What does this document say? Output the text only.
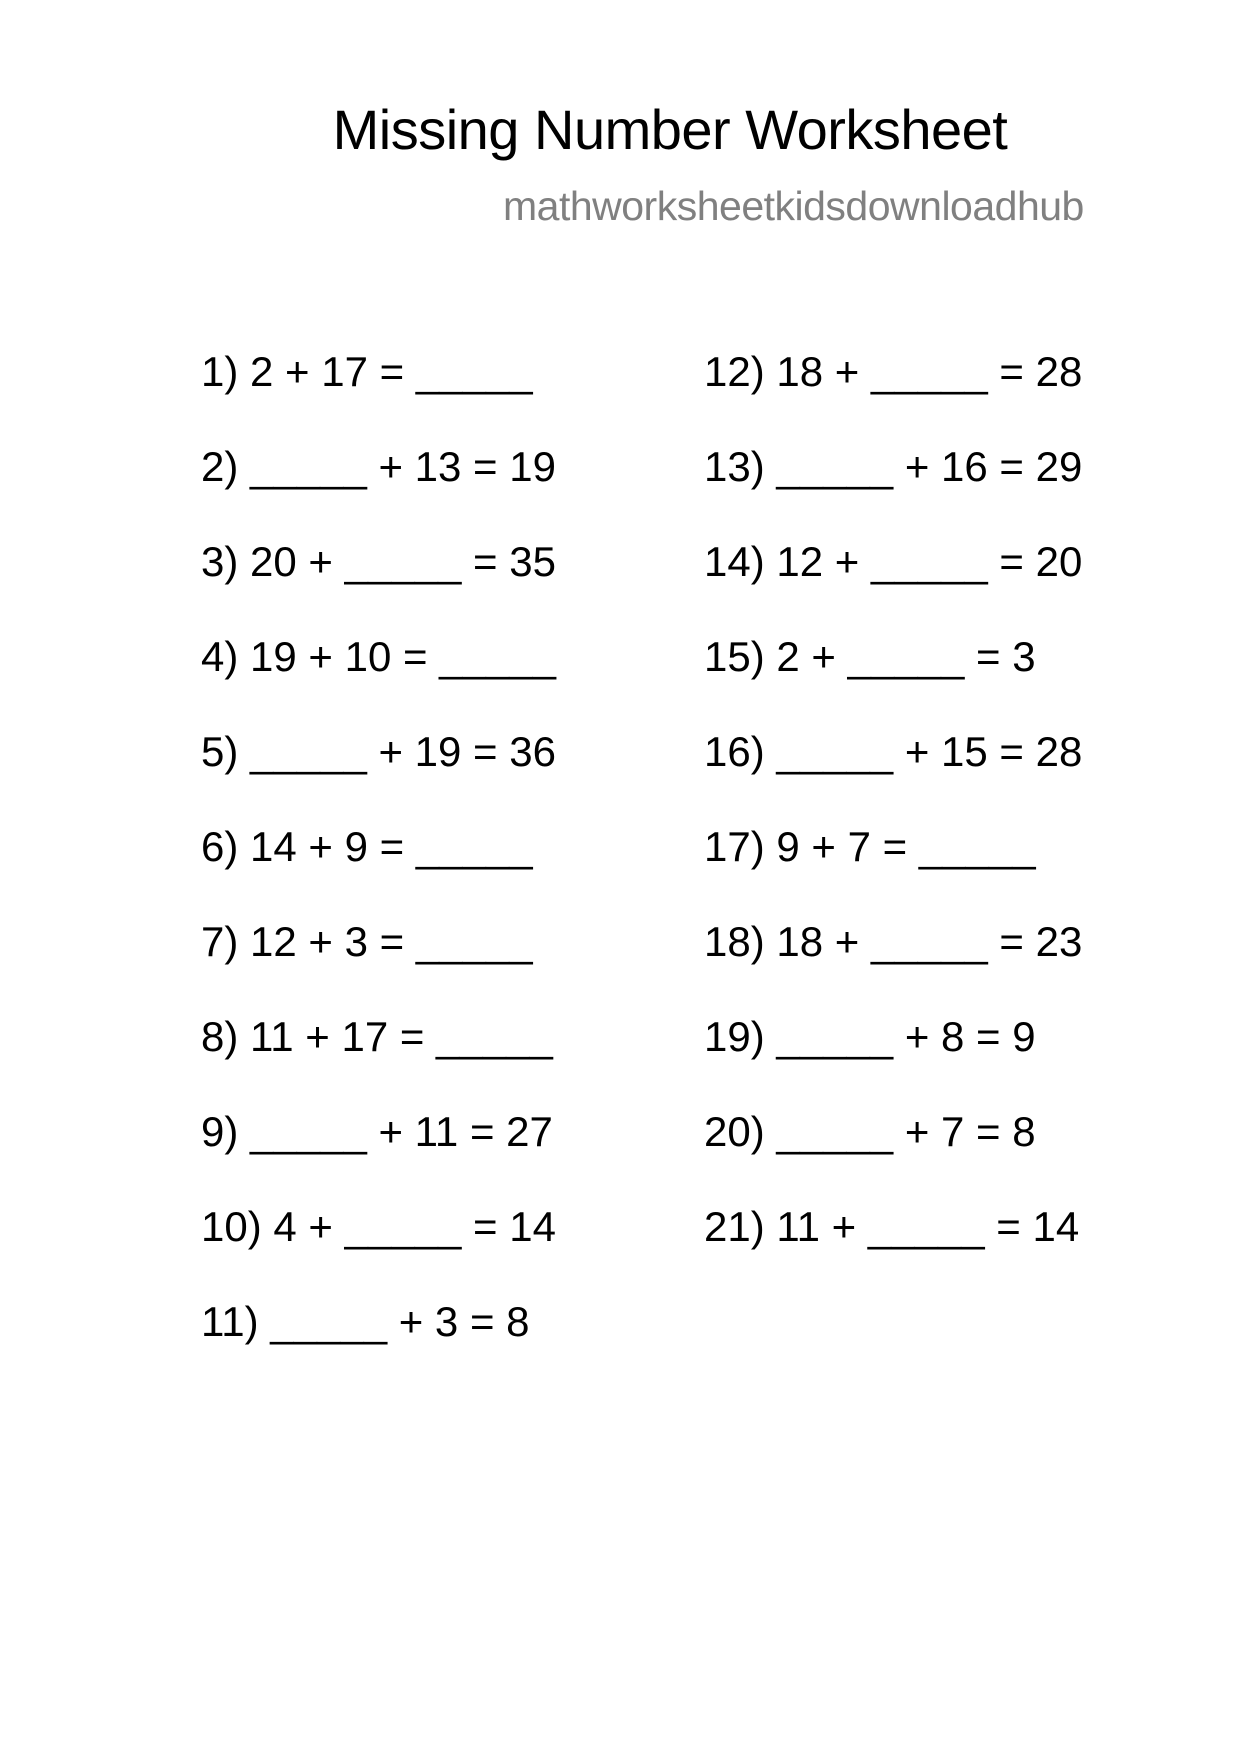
Missing Number Worksheet
mathworksheetkidsdownloadhub
1) 2 + 17 = _____
2) _____ + 13 = 19
3) 20 + _____ = 35
4) 19 + 10 = _____
5) _____ + 19 = 36
6) 14 + 9 = _____
7) 12 + 3 = _____
8) 11 + 17 = _____
9) _____ + 11 = 27
10) 4 + _____ = 14
11) _____ + 3 = 8
12) 18 + _____ = 28
13) _____ + 16 = 29
14) 12 + _____ = 20
15) 2 + _____ = 3
16) _____ + 15 = 28
17) 9 + 7 = _____
18) 18 + _____ = 23
19) _____ + 8 = 9
20) _____ + 7 = 8
21) 11 + _____ = 14
